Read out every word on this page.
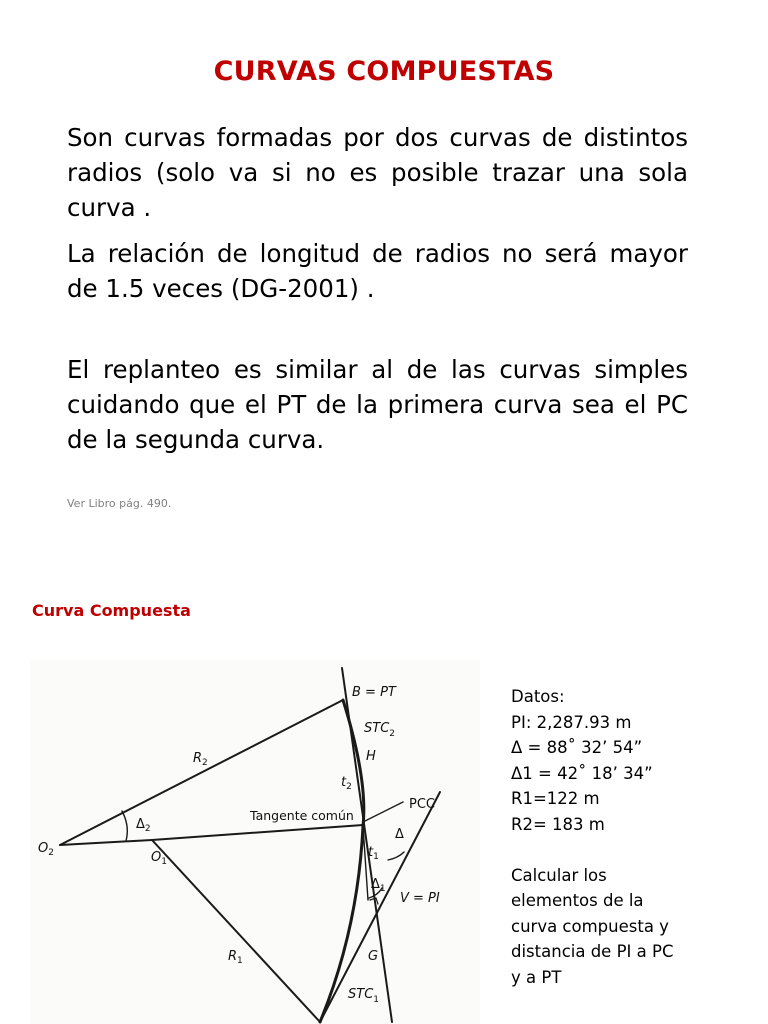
CURVAS COMPUESTAS
Son curvas formadas por dos curvas de distintos radios (solo va si no es posible trazar una sola curva .
La relación de longitud de radios no será mayor de 1.5 veces (DG-2001) .
El replanteo es similar al de las curvas simples cuidando que el PT de la primera curva sea el PC de la segunda curva.
Ver Libro pág. 490.
Curva Compuesta
B = PT
$STC_2$
$R_2$	H
$t_2$
PCC
$\Delta_2$
Tangente común
Δ
$O_2$	$O_1$
$t_1$
$\Delta_1$
V = PI
$R_1$	G
$STC_1$
Datos:
PI: 2,287.93 m
Δ = 88˚ 32’ 54”
Δ1 = 42˚ 18’ 34”
R1=122 m
R2= 183 m
Calcular los
elementos de la
curva compuesta y
distancia de PI a PC
y a PT
